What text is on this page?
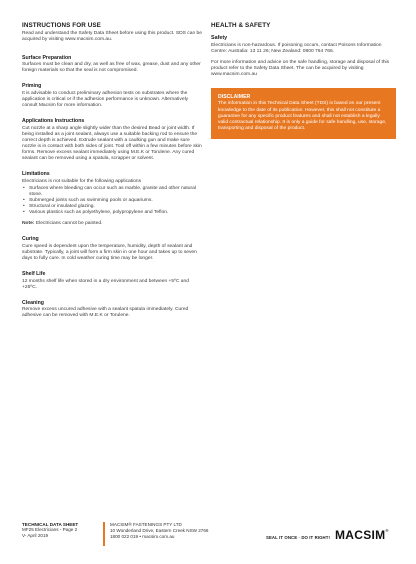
INSTRUCTIONS FOR USE

Read and understand the Safety Data Sheet before using this product. SDS can be acquired by visiting www.macsim.com.au.

Surface Preparation

Surfaces must be clean and dry, as well as free of wax, grease, dust and any other foreign materials so that the seal is not compromised.

Priming

It is advisable to conduct preliminary adhesion tests on substrates where the application is critical or if the adhesion performance is unknown. Alternatively consult Macsim for more information.

Applications Instructions

Cut nozzle at a sharp angle slightly wider than the desired Bead or joint width. If being installed as a joint sealant, always use a suitable backing rod to ensure the correct depth is achieved. Extrude sealant with a caulking gun and make sure nozzle is in contact with both sides of joint. Tool off within a few minutes before skin forms. Remove excess sealant immediately using M.E.K or Torulene. Any cured sealant can be removed using a spatula, scrapper or solvent.

Limitations

Electricians is not suitable for the following applications

• Surfaces where bleeding can occur such as marble, granite and other natural stone.
• Submerged joints such as swimming pools or aquariums.
• Structural or insulated glazing.
• Various plastics such as polyethylene, polypropylene and Teflon.

Note: Electricians cannot be painted.

Curing

Cure speed is dependent upon the temperature, humidity, depth of sealant and substrate. Typically, a joint will form a firm skin in one hour and takes up to seven days to fully cure. In cold weather curing time may be longer.

Shelf Life

12 months shelf life when stored in a dry environment and between +5ºC and +25ºC.

Cleaning

Remove excess uncured adhesive with a sealant spatula immediately. Cured adhesive can be removed with M.E.K or Torulene.

HEALTH & SAFETY
Safety

Electricians is non-hazardous. If poisoning occurs, contact Poisons Information Centre: Australia: 13 11 26; New Zealand: 0800 764 766.

For more information and advice on the safe handling, storage and disposal of this product refer to the Safety Data Sheet. The can be acquired by visiting www.macsim.com.au

DISCLAIMER

The information in this Technical Data Sheet (TDS) is based on our present knowledge to the date of its publication. However, this shall not constitute a guarantee for any specific product features and shall not establish a legally valid contractual relationship. It is only a guide for safe handling, use, storage, transporting and disposal of the product.

TECHNICAL DATA SHEET
MF25 Electricians - Page 2
V- April 2019
MACSIM® FASTENINGS PTY LTD
10 Wonderland Drive, Eastern Creek NSW 2766
1800 022 019 • macsim.com.au	SEAL IT ONCE · DO IT RIGHT! MACSIM®
